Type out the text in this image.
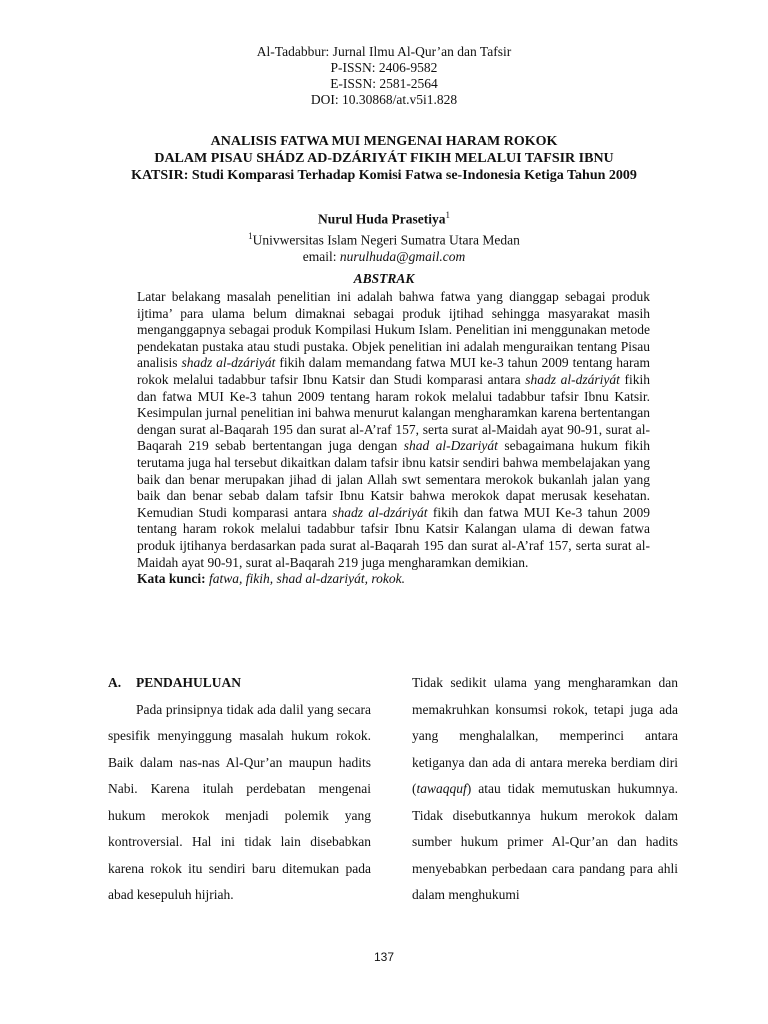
Al-Tadabbur: Jurnal Ilmu Al-Qur’an dan Tafsir
P-ISSN: 2406-9582
E-ISSN: 2581-2564
DOI: 10.30868/at.v5i1.828
ANALISIS FATWA MUI MENGENAI HARAM ROKOK
DALAM PISAU SHÁDZ AD-DZÁRIYÁT FIKIH MELALUI TAFSIR IBNU
KATSIR: Studi Komparasi Terhadap Komisi Fatwa se-Indonesia Ketiga Tahun 2009
Nurul Huda Prasetiya$^1$
$^1$Univwersitas Islam Negeri Sumatra Utara Medan
email: nurulhuda@gmail.com
ABSTRAK

Latar belakang masalah penelitian ini adalah bahwa fatwa yang dianggap sebagai produk ijtima’ para ulama belum dimaknai sebagai produk ijtihad sehingga masyarakat masih menganggapnya sebagai produk Kompilasi Hukum Islam. Penelitian ini menggunakan metode pendekatan pustaka atau studi pustaka. Objek penelitian ini adalah menguraikan tentang Pisau analisis shadz al-dzáriyát fikih dalam memandang fatwa MUI ke-3 tahun 2009 tentang haram rokok melalui tadabbur tafsir Ibnu Katsir dan Studi komparasi antara shadz al-dzáriyát fikih dan fatwa MUI Ke-3 tahun 2009 tentang haram rokok melalui tadabbur tafsir Ibnu Katsir. Kesimpulan jurnal penelitian ini bahwa menurut kalangan mengharamkan karena bertentangan dengan surat al-Baqarah 195 dan surat al-A’raf 157, serta surat al-Maidah ayat 90-91, surat al-Baqarah 219 sebab bertentangan juga dengan shad al-Dzariyát sebagaimana hukum fikih terutama juga hal tersebut dikaitkan dalam tafsir ibnu katsir sendiri bahwa membelajakan yang baik dan benar merupakan jihad di jalan Allah swt sementara merokok bukanlah jalan yang baik dan benar sebab dalam tafsir Ibnu Katsir bahwa merokok dapat merusak kesehatan. Kemudian Studi komparasi antara shadz al-dzáriyát fikih dan fatwa MUI Ke-3 tahun 2009 tentang haram rokok melalui tadabbur tafsir Ibnu Katsir Kalangan ulama di dewan fatwa produk ijtihanya berdasarkan pada surat al-Baqarah 195 dan surat al-A’raf 157, serta surat al-Maidah ayat 90-91, surat al-Baqarah 219 juga mengharamkan demikian.

Kata kunci: fatwa, fikih, shad al-dzariyát, rokok.

A. PENDAHULUAN

Pada prinsipnya tidak ada dalil yang secara spesifik menyinggung masalah hukum rokok. Baik dalam nas-nas Al-Qur’an maupun hadits Nabi. Karena itulah perdebatan mengenai hukum merokok menjadi polemik yang kontroversial. Hal ini tidak lain disebabkan karena rokok itu sendiri baru ditemukan pada abad kesepuluh hijriah.

Tidak sedikit ulama yang mengharamkan dan memakruhkan konsumsi rokok, tetapi juga ada yang menghalalkan, memperinci antara ketiganya dan ada di antara mereka berdiam diri (tawaqquf) atau tidak memutuskan hukumnya. Tidak disebutkannya hukum merokok dalam sumber hukum primer Al-Qur’an dan hadits menyebabkan perbedaan cara pandang para ahli dalam menghukumi

137
